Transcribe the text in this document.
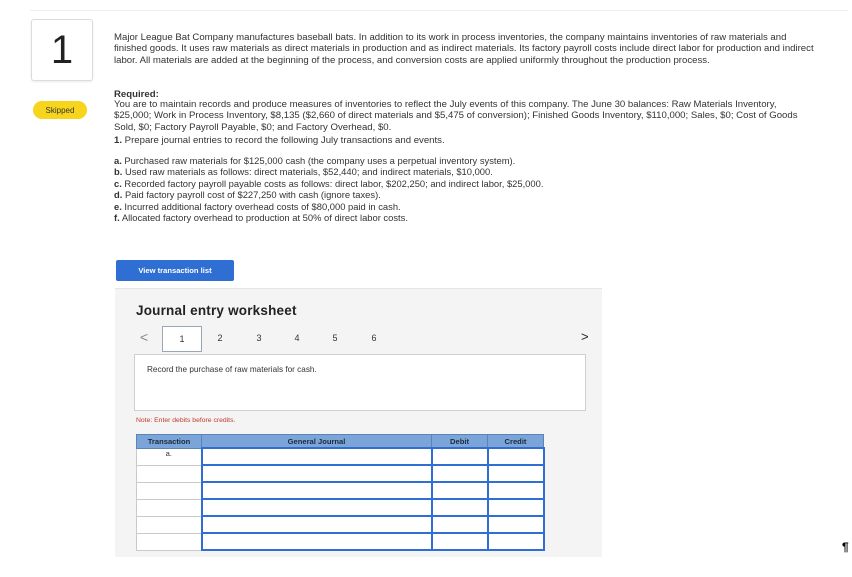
1
Skipped

Major League Bat Company manufactures baseball bats. In addition to its work in process inventories, the company maintains inventories of raw materials and finished goods. It uses raw materials as direct materials in production and as indirect materials. Its factory payroll costs include direct labor for production and indirect labor. All materials are added at the beginning of the process, and conversion costs are applied uniformly throughout the production process.

Required:

You are to maintain records and produce measures of inventories to reflect the July events of this company. The June 30 balances: Raw Materials Inventory, $25,000; Work in Process Inventory, $8,135 ($2,660 of direct materials and $5,475 of conversion); Finished Goods Inventory, $110,000; Sales, $0; Cost of Goods Sold, $0; Factory Payroll Payable, $0; and Factory Overhead, $0.

1. Prepare journal entries to record the following July transactions and events.

a. Purchased raw materials for $125,000 cash (the company uses a perpetual inventory system).
b. Used raw materials as follows: direct materials, $52,440; and indirect materials, $10,000.
c. Recorded factory payroll payable costs as follows: direct labor, $202,250; and indirect labor, $25,000.
d. Paid factory payroll cost of $227,250 with cash (ignore taxes).
e. Incurred additional factory overhead costs of $80,000 paid in cash.
f. Allocated factory overhead to production at 50% of direct labor costs.
View transaction list
Journal entry worksheet
<	1	2	3	4	5	6	>
Record the purchase of raw materials for cash.
Note: Enter debits before credits.
Transaction	General Journal	Debit	Credit
a.			

¶
